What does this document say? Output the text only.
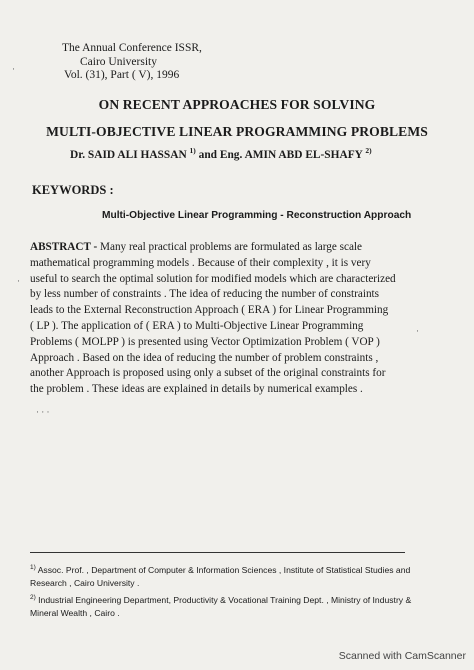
The Annual Conference ISSR,
Cairo University
Vol. (31), Part ( V), 1996
·
ON RECENT APPROACHES FOR SOLVING
MULTI-OBJECTIVE LINEAR PROGRAMMING PROBLEMS
Dr. SAID ALI HASSAN $^{1)}$ and Eng. AMIN ABD EL-SHAFY $^{2)}$
KEYWORDS :
Multi-Objective Linear Programming - Reconstruction Approach
ABSTRACT - Many real practical problems are formulated as large scale
mathematical programming models . Because of their complexity , it is very
useful to search the optimal solution for modified models which are characterized
by less number of constraints . The idea of reducing the number of constraints
leads to the External Reconstruction Approach ( ERA ) for Linear Programming
( LP ). The application of ( ERA ) to Multi-Objective Linear Programming
Problems ( MOLPP ) is presented using Vector Optimization Problem ( VOP )
Approach . Based on the idea of reducing the number of problem constraints ,
another Approach is proposed using only a subset of the original constraints for
the problem . These ideas are explained in details by numerical examples .
·
· · ·
·
$^{1)}$ Assoc. Prof. , Department of Computer & Information Sciences , Institute of Statistical Studies and
Research , Cairo University .
$^{2)}$ Industrial Engineering Department, Productivity & Vocational Training Dept. , Ministry of Industry &
Mineral Wealth , Cairo .
Scanned with CamScanner
